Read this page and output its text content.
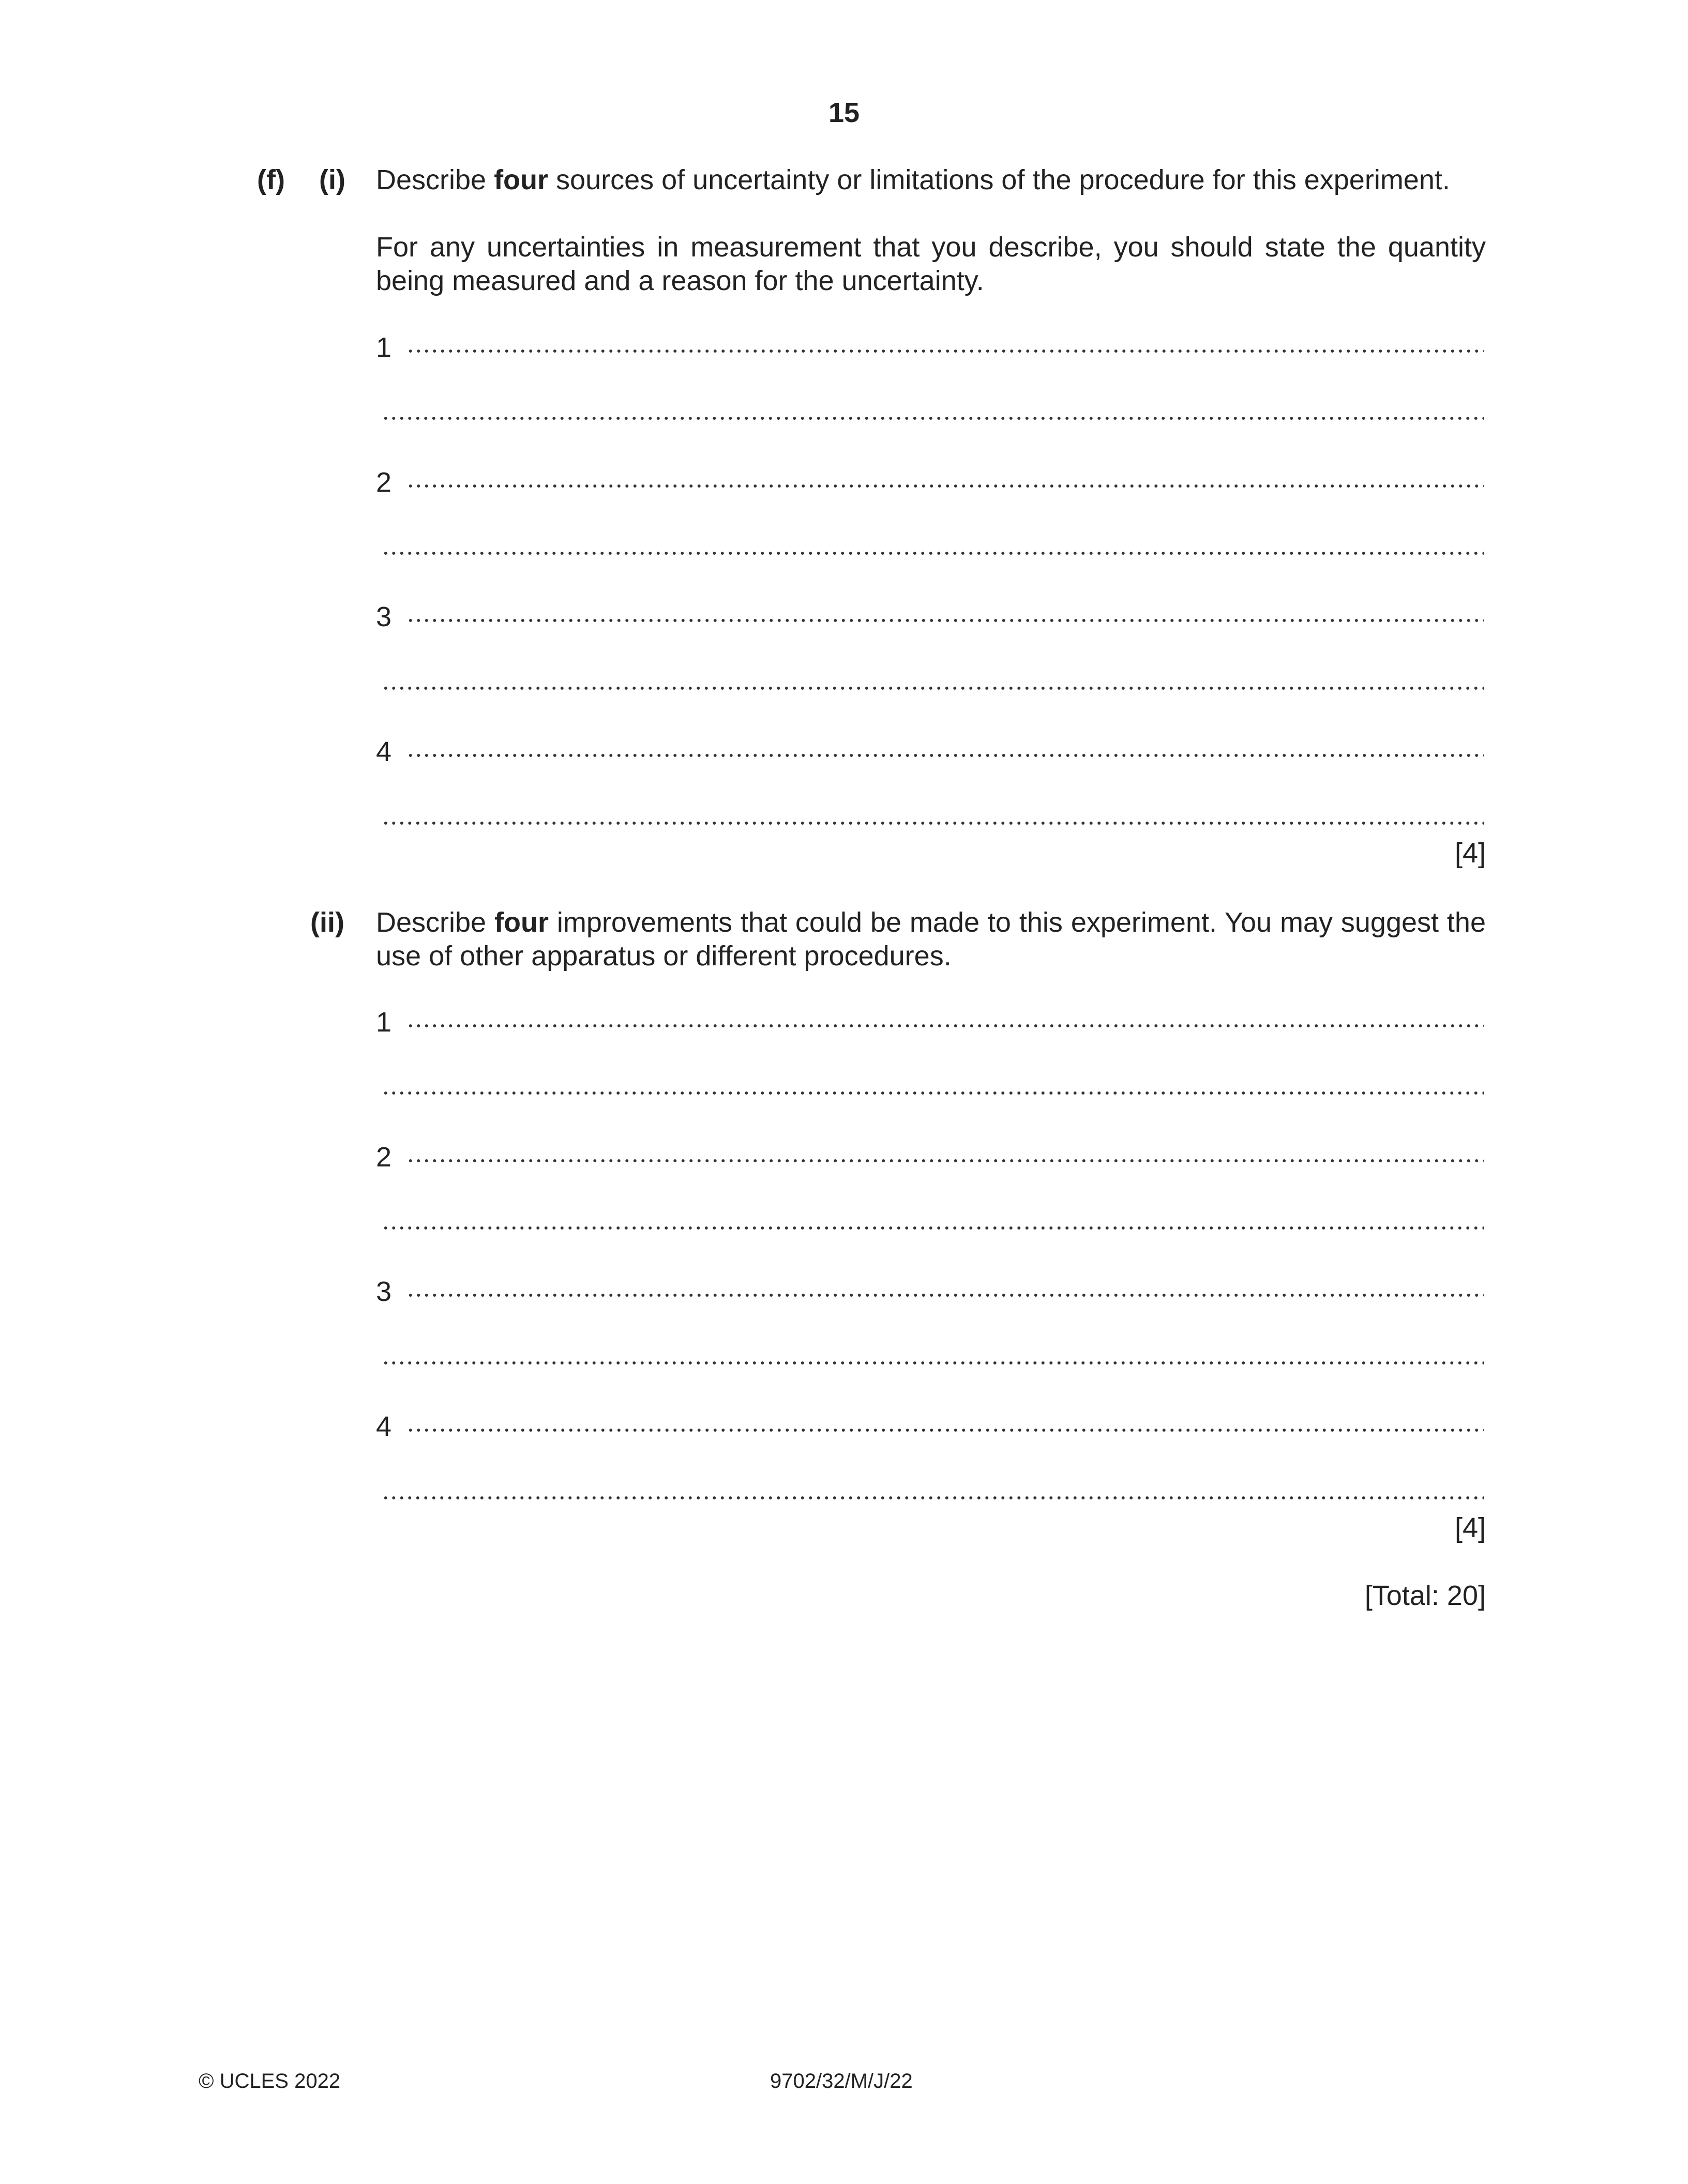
15
(f) (i) Describe four sources of uncertainty or limitations of the procedure for this experiment.
For any uncertainties in measurement that you describe, you should state the quantity being measured and a reason for the uncertainty.
1
2
3
4
[4]
(ii) Describe four improvements that could be made to this experiment. You may suggest the use of other apparatus or different procedures.
1
2
3
4
[4]
[Total: 20]
© UCLES 2022	9702/32/M/J/22
